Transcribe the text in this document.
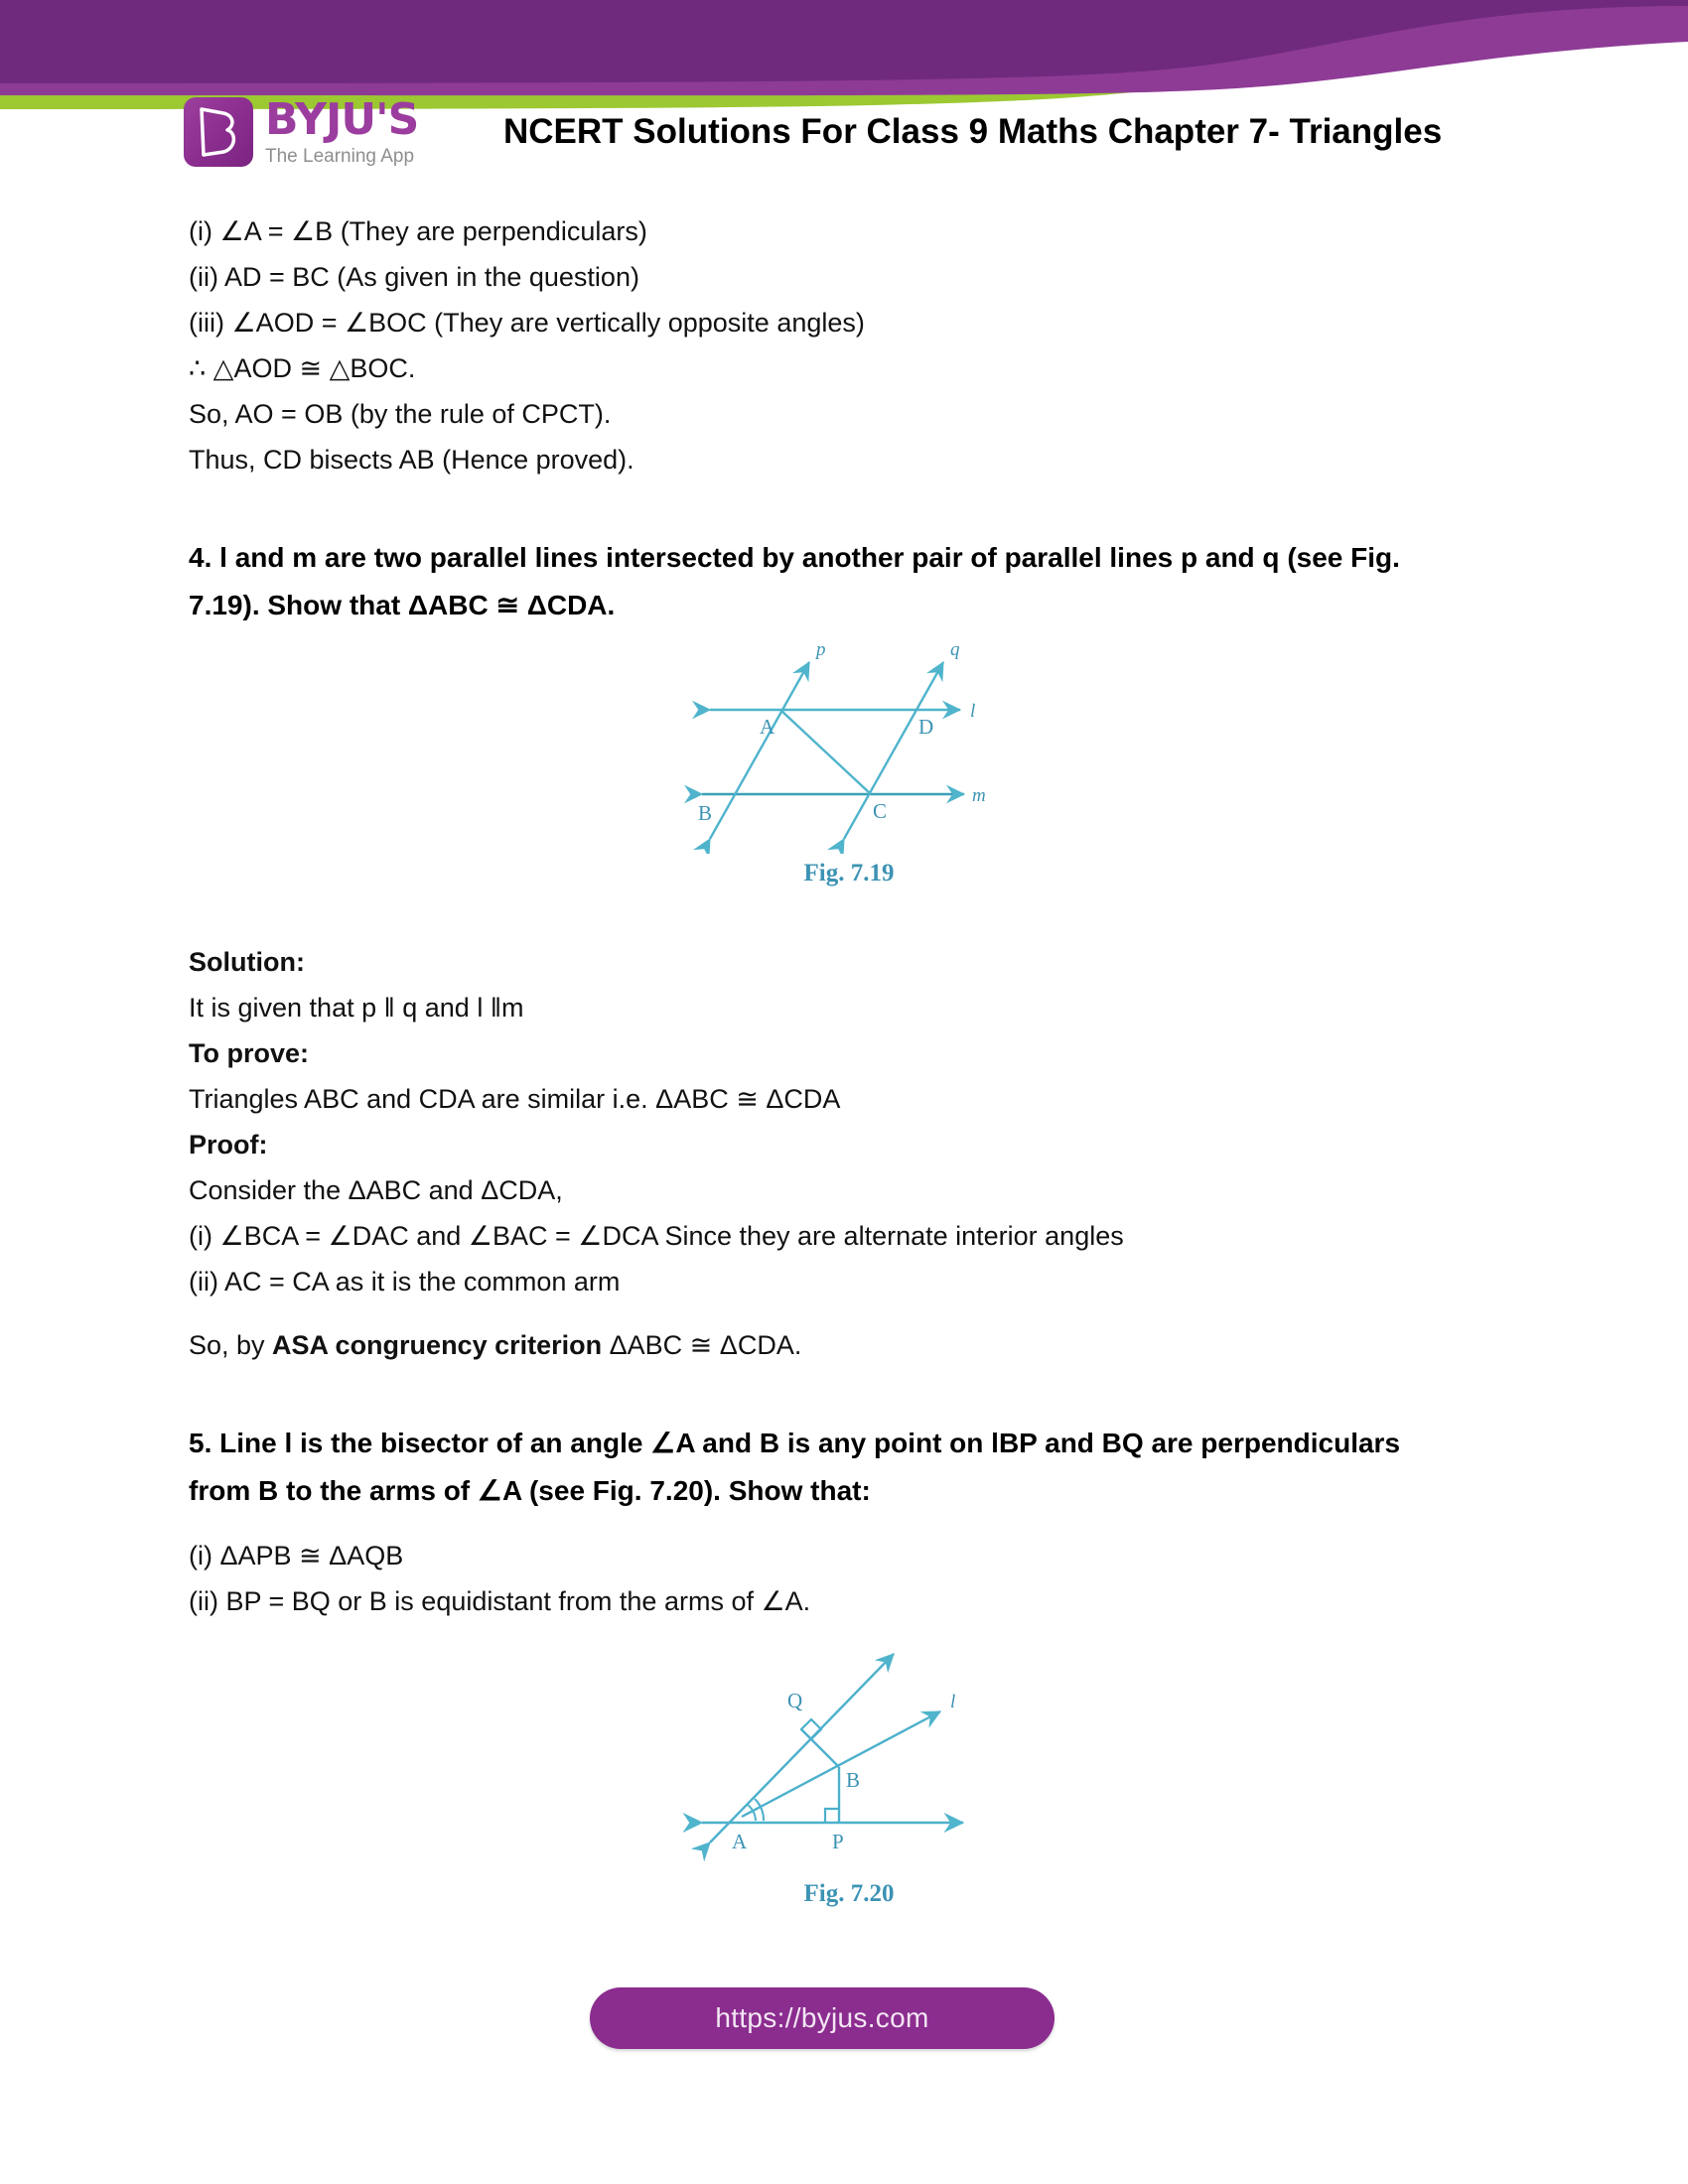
BYJU'S
The Learning App
NCERT Solutions For Class 9 Maths Chapter 7- Triangles
(i) ∠A = ∠B (They are perpendiculars)
(ii) AD = BC (As given in the question)
(iii) ∠AOD = ∠BOC (They are vertically opposite angles)
∴ △AOD ≅ △BOC.
So, AO = OB (by the rule of CPCT).
Thus, CD bisects AB (Hence proved).
4. l and m are two parallel lines intersected by another pair of parallel lines p and q (see Fig.
7.19). Show that ΔABC ≅ ΔCDA.
p	q
l
m
A	D
B	C
Fig. 7.19
Solution:
It is given that p ‖ q and l ‖m
To prove:
Triangles ABC and CDA are similar i.e. ΔABC ≅ ΔCDA
Proof:
Consider the ΔABC and ΔCDA,
(i) ∠BCA = ∠DAC and ∠BAC = ∠DCA Since they are alternate interior angles
(ii) AC = CA as it is the common arm
So, by ASA congruency criterion ΔABC ≅ ΔCDA.
5. Line l is the bisector of an angle ∠A and B is any point on lBP and BQ are perpendiculars
from B to the arms of ∠A (see Fig. 7.20). Show that:
(i) ΔAPB ≅ ΔAQB
(ii) BP = BQ or B is equidistant from the arms of ∠A.
A	P
B
Q	l
Fig. 7.20
https://byjus.com
